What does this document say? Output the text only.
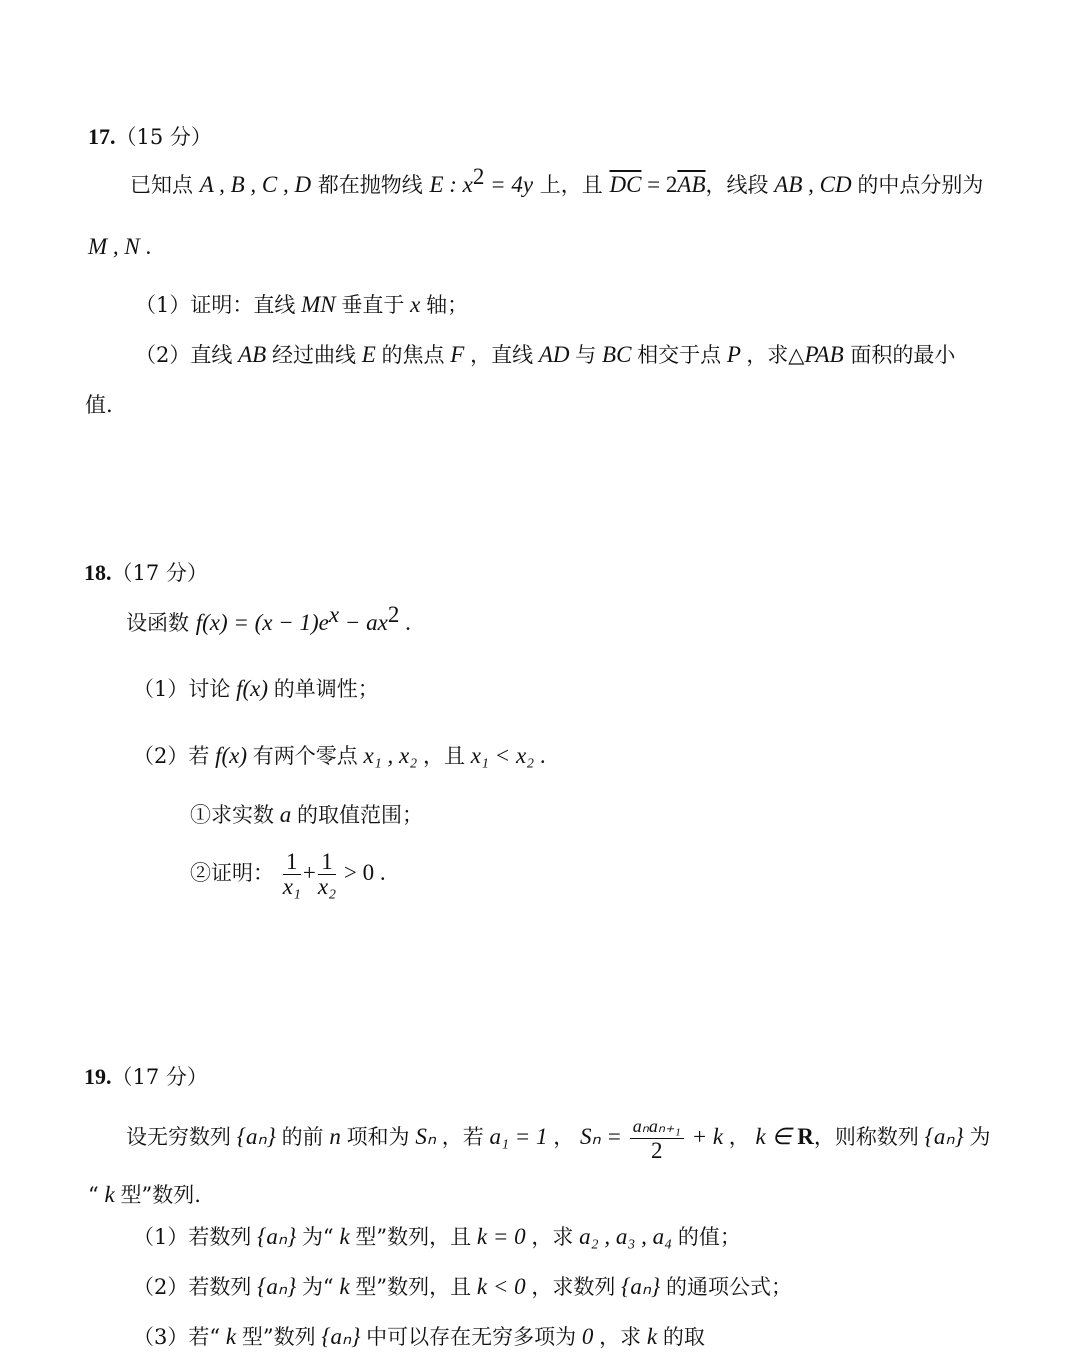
17.（15 分）
已知点 A , B , C , D 都在抛物线 E : $x^2 = 4y$ 上，且 $\overline{DC} = 2\overline{AB}$，线段 AB , CD 的中点分别为
M , N .
（1）证明：直线 MN 垂直于 x 轴；
（2）直线 AB 经过曲线 E 的焦点 F ，直线 AD 与 BC 相交于点 P ，求△PAB 面积的最小
值.
18.（17 分）
设函数 $f(x) = (x - 1)e^x - ax^2$ .
（1）讨论 f(x) 的单调性；
（2）若 f(x) 有两个零点 x₁ , x₂ ，且 x₁ < x₂ .
①求实数 a 的取值范围；
②证明： $\frac{1}{\text{x₁}} + \frac{1}{\text{x₂}} > 0$ .
19.（17 分）
设无穷数列 {aₙ} 的前 n 项和为 Sₙ ，若 a₁ = 1 ， $S_n = \frac{\text{aₙaₙ₊₁}}{2} + k$ ， k ∈ R，则称数列 {aₙ} 为
“ k 型”数列.
（1）若数列 {aₙ} 为“ k 型”数列，且 k = 0 ，求 a₂ , a₃ , a₄ 的值；
（2）若数列 {aₙ} 为“ k 型”数列，且 k < 0 ，求数列 {aₙ} 的通项公式；
（3）若“ k 型”数列 {aₙ} 中可以存在无穷多项为 0 ，求 k 的取
